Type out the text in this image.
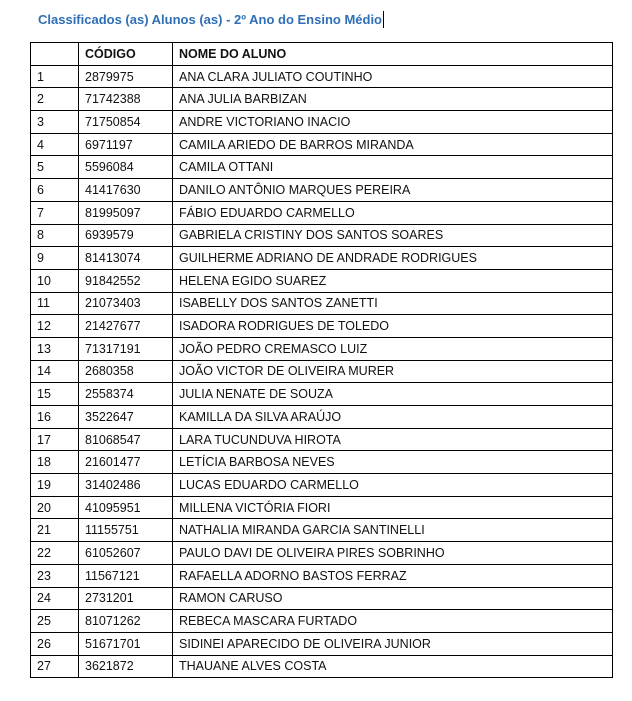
Classificados (as) Alunos (as) - 2º Ano do Ensino Médio
	CÓDIGO	NOME DO ALUNO
1	2879975	ANA CLARA JULIATO COUTINHO
2	71742388	ANA JULIA BARBIZAN
3	71750854	ANDRE VICTORIANO INACIO
4	6971197	CAMILA ARIEDO DE BARROS MIRANDA
5	5596084	CAMILA OTTANI
6	41417630	DANILO ANTÔNIO MARQUES PEREIRA
7	81995097	FÁBIO EDUARDO CARMELLO
8	6939579	GABRIELA CRISTINY DOS SANTOS SOARES
9	81413074	GUILHERME ADRIANO DE ANDRADE RODRIGUES
10	91842552	HELENA EGIDO SUAREZ
11	21073403	ISABELLY DOS SANTOS ZANETTI
12	21427677	ISADORA RODRIGUES DE TOLEDO
13	71317191	JOÃO PEDRO CREMASCO LUIZ
14	2680358	JOÃO VICTOR DE OLIVEIRA MURER
15	2558374	JULIA NENATE DE SOUZA
16	3522647	KAMILLA DA SILVA ARAÚJO
17	81068547	LARA TUCUNDUVA HIROTA
18	21601477	LETÍCIA BARBOSA NEVES
19	31402486	LUCAS EDUARDO CARMELLO
20	41095951	MILLENA VICTÓRIA FIORI
21	11155751	NATHALIA MIRANDA GARCIA SANTINELLI
22	61052607	PAULO DAVI DE OLIVEIRA PIRES SOBRINHO
23	11567121	RAFAELLA ADORNO BASTOS FERRAZ
24	2731201	RAMON CARUSO
25	81071262	REBECA MASCARA FURTADO
26	51671701	SIDINEI APARECIDO DE OLIVEIRA JUNIOR
27	3621872	THAUANE ALVES COSTA
